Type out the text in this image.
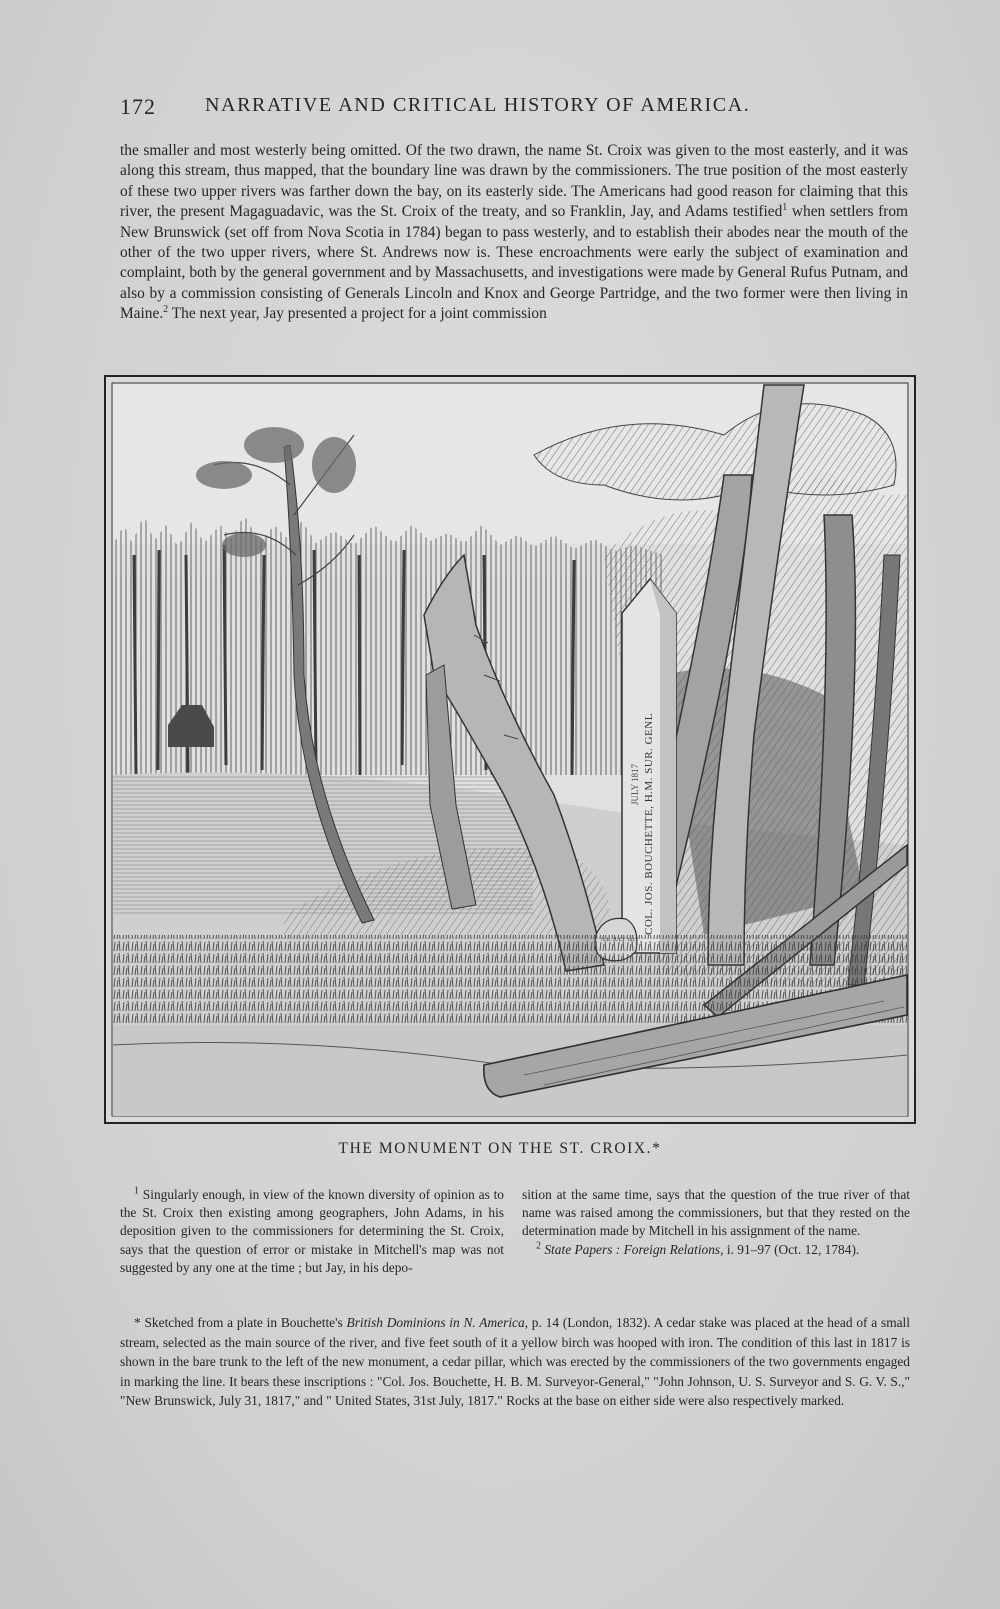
172 NARRATIVE AND CRITICAL HISTORY OF AMERICA.

the smaller and most westerly being omitted. Of the two drawn, the name St. Croix was given to the most easterly, and it was along this stream, thus mapped, that the boundary line was drawn by the commissioners. The true position of the most easterly of these two upper rivers was farther down the bay, on its easterly side. The Americans had good reason for claiming that this river, the present Magaguadavic, was the St. Croix of the treaty, and so Franklin, Jay, and Adams testified$^1$ when settlers from New Brunswick (set off from Nova Scotia in 1784) began to pass westerly, and to establish their abodes near the mouth of the other of the two upper rivers, where St. Andrews now is. These encroachments were early the subject of examination and complaint, both by the general government and by Massachusetts, and investigations were made by General Rufus Putnam, and also by a commission consisting of Generals Lincoln and Knox and George Partridge, and the two former were then living in Maine.$^2$ The next year, Jay presented a project for a joint commission

COL. JOS. BOUCHETTE, H.M. SUR. GENL
JULY 1817
THE MONUMENT ON THE ST. CROIX.*

$^1$ Singularly enough, in view of the known diversity of opinion as to the St. Croix then existing among geographers, John Adams, in his deposition given to the commissioners for determining the St. Croix, says that the question of error or mistake in Mitchell's map was not suggested by any one at the time ; but Jay, in his depo-

sition at the same time, says that the question of the true river of that name was raised among the commissioners, but that they rested on the determination made by Mitchell in his assignment of the name.

$^2$ State Papers : Foreign Relations, i. 91–97 (Oct. 12, 1784).

* Sketched from a plate in Bouchette's British Dominions in N. America, p. 14 (London, 1832). A cedar stake was placed at the head of a small stream, selected as the main source of the river, and five feet south of it a yellow birch was hooped with iron. The condition of this last in 1817 is shown in the bare trunk to the left of the new monument, a cedar pillar, which was erected by the commissioners of the two governments engaged in marking the line. It bears these inscriptions : "Col. Jos. Bouchette, H. B. M. Surveyor-General," "John Johnson, U. S. Surveyor and S. G. V. S.," "New Brunswick, July 31, 1817," and " United States, 31st July, 1817." Rocks at the base on either side were also respectively marked.
